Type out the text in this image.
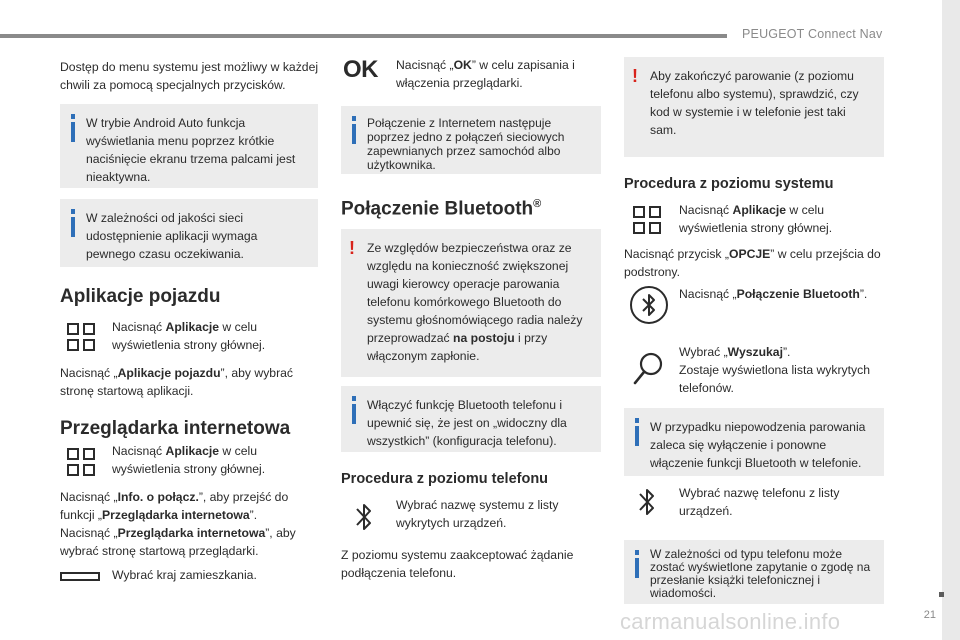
PEUGEOT Connect Nav
21
carmanualsonline.info

Dostęp do menu systemu jest możliwy w każdej chwili za pomocą specjalnych przycisków.

W trybie Android Auto funkcja wyświetlania menu poprzez krótkie naciśnięcie ekranu trzema palcami jest nieaktywna.
W zależności od jakości sieci udostępnienie aplikacji wymaga pewnego czasu oczekiwania.
Aplikacje pojazdu
Nacisnąć Aplikacje w celu wyświetlenia strony głównej.

Nacisnąć „Aplikacje pojazdu”, aby wybrać stronę startową aplikacji.

Przeglądarka internetowa
Nacisnąć Aplikacje w celu wyświetlenia strony głównej.

Nacisnąć „Info. o połącz.”, aby przejść do funkcji „Przeglądarka internetowa”.

Nacisnąć „Przeglądarka internetowa”, aby wybrać stronę startową przeglądarki.

Wybrać kraj zamieszkania.
OK Nacisnąć „OK” w celu zapisania i włączenia przeglądarki.
Połączenie z Internetem następuje poprzez jedno z połączeń sieciowych zapewnianych przez samochód albo użytkownika.
Połączenie Bluetooth®
! Ze względów bezpieczeństwa oraz ze względu na konieczność zwiększonej uwagi kierowcy operacje parowania telefonu komórkowego Bluetooth do systemu głośnomówiącego radia należy przeprowadzać na postoju i przy włączonym zapłonie.
Włączyć funkcję Bluetooth telefonu i upewnić się, że jest on „widoczny dla wszystkich” (konfiguracja telefonu).
Procedura z poziomu telefonu
Wybrać nazwę systemu z listy wykrytych urządzeń.

Z poziomu systemu zaakceptować żądanie podłączenia telefonu.

! Aby zakończyć parowanie (z poziomu telefonu albo systemu), sprawdzić, czy kod w systemie i w telefonie jest taki sam.
Procedura z poziomu systemu
Nacisnąć Aplikacje w celu wyświetlenia strony głównej.

Nacisnąć przycisk „OPCJE” w celu przejścia do podstrony.

Nacisnąć „Połączenie Bluetooth”.
Wybrać „Wyszukaj”.
Zostaje wyświetlona lista wykrytych telefonów.
W przypadku niepowodzenia parowania zaleca się wyłączenie i ponowne włączenie funkcji Bluetooth w telefonie.
Wybrać nazwę telefonu z listy urządzeń.
W zależności od typu telefonu może zostać wyświetlone zapytanie o zgodę na przesłanie książki telefonicznej i wiadomości.
